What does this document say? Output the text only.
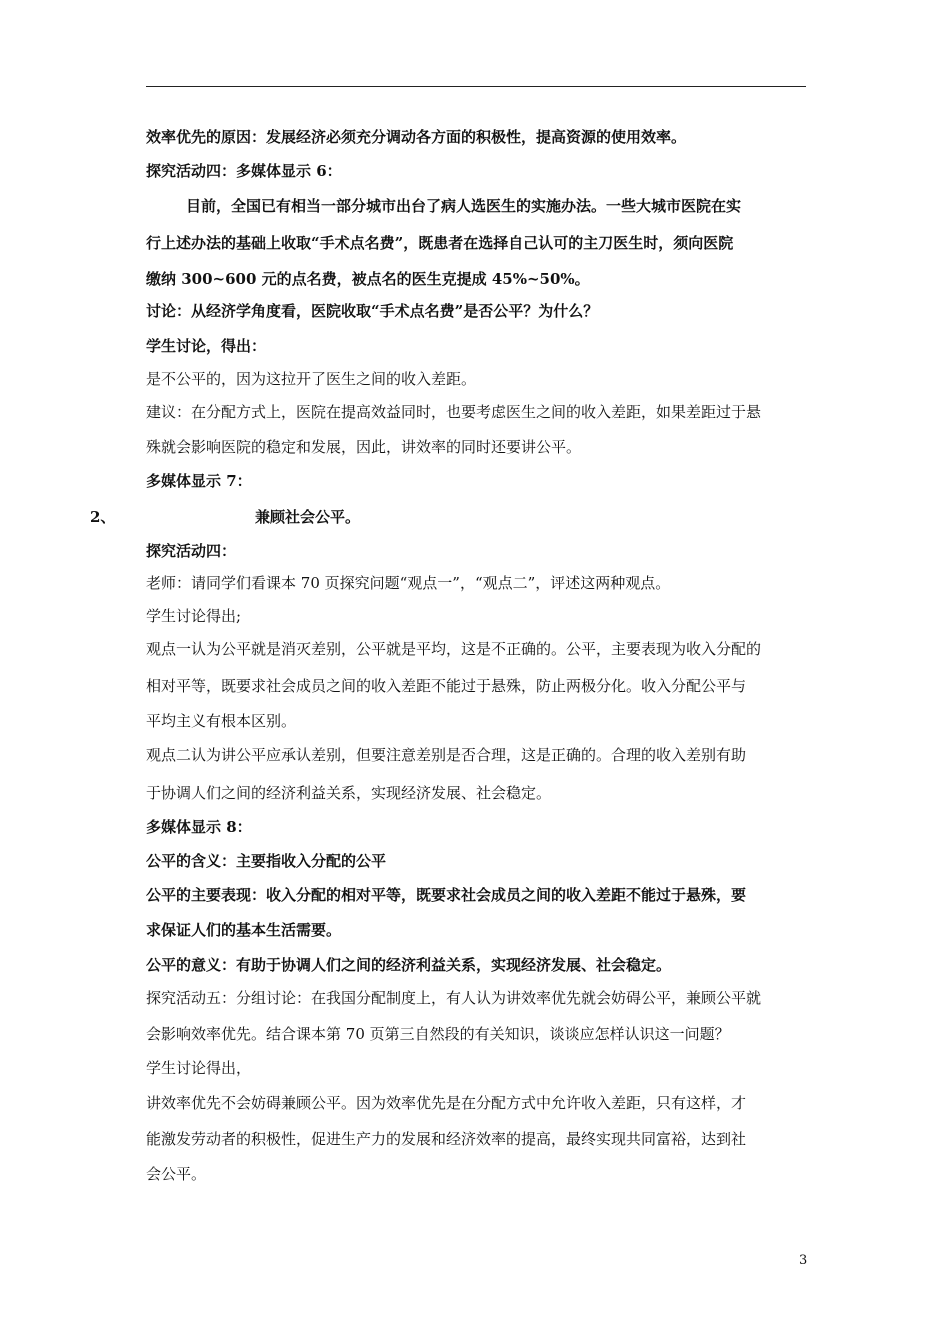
效率优先的原因：发展经济必须充分调动各方面的积极性，提高资源的使用效率。
探究活动四：多媒体显示 6：
目前，全国已有相当一部分城市出台了病人选医生的实施办法。一些大城市医院在实
行上述办法的基础上收取“手术点名费”，既患者在选择自己认可的主刀医生时，须向医院
缴纳 300~600 元的点名费，被点名的医生克提成 45%~50%。
讨论：从经济学角度看，医院收取“手术点名费”是否公平？为什么？
学生讨论，得出：
是不公平的，因为这拉开了医生之间的收入差距。
建议：在分配方式上，医院在提高效益同时，也要考虑医生之间的收入差距，如果差距过于悬
殊就会影响医院的稳定和发展，因此，讲效率的同时还要讲公平。
多媒体显示 7：
2、	兼顾社会公平。
探究活动四：
老师：请同学们看课本 70 页探究问题“观点一”，“观点二”，评述这两种观点。
学生讨论得出;
观点一认为公平就是消灭差别，公平就是平均，这是不正确的。公平，主要表现为收入分配的
相对平等，既要求社会成员之间的收入差距不能过于悬殊，防止两极分化。收入分配公平与
平均主义有根本区别。
观点二认为讲公平应承认差别，但要注意差别是否合理，这是正确的。合理的收入差别有助
于协调人们之间的经济利益关系，实现经济发展、社会稳定。
多媒体显示 8：
公平的含义：主要指收入分配的公平
公平的主要表现：收入分配的相对平等，既要求社会成员之间的收入差距不能过于悬殊，要
求保证人们的基本生活需要。
公平的意义：有助于协调人们之间的经济利益关系，实现经济发展、社会稳定。
探究活动五：分组讨论：在我国分配制度上，有人认为讲效率优先就会妨碍公平，兼顾公平就
会影响效率优先。结合课本第 70 页第三自然段的有关知识，谈谈应怎样认识这一问题？
学生讨论得出，
讲效率优先不会妨碍兼顾公平。因为效率优先是在分配方式中允许收入差距，只有这样，才
能激发劳动者的积极性，促进生产力的发展和经济效率的提高，最终实现共同富裕，达到社
会公平。
3
